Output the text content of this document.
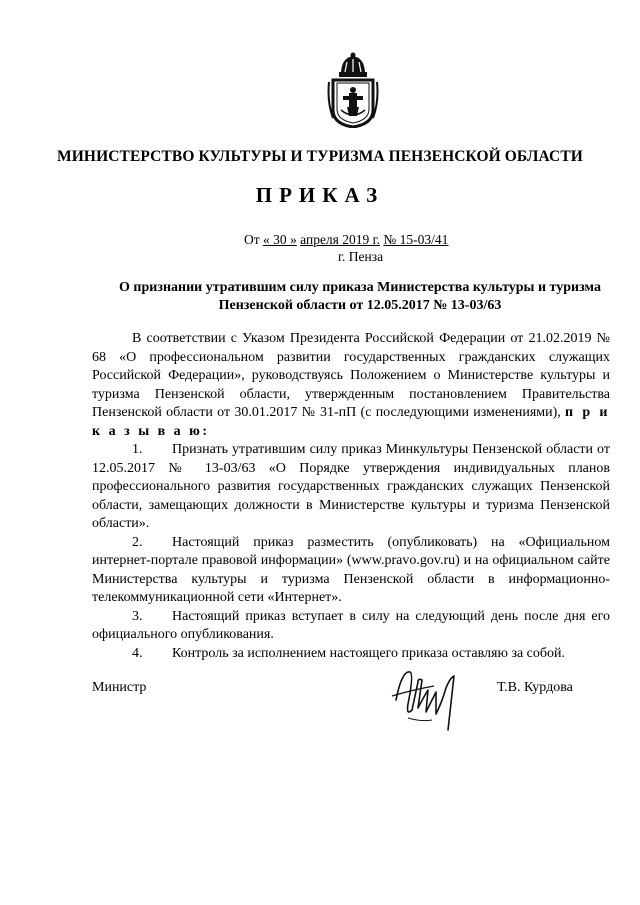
МИНИСТЕРСТВО КУЛЬТУРЫ И ТУРИЗМА ПЕНЗЕНСКОЙ ОБЛАСТИ
ПРИКАЗ
От « 30 » апреля 2019 г. № 15-03/41
г. Пенза
О признании утратившим силу приказа Министерства культуры и туризма Пензенской области от 12.05.2017 № 13-03/63

В соответствии с Указом Президента Российской Федерации от 21.02.2019 № 68 «О профессиональном развитии государственных гражданских служащих Российской Федерации», руководствуясь Положением о Министерстве культуры и туризма Пензенской области, утвержденным постановлением Правительства Пензенской области от 30.01.2017 № 31-пП (с последующими изменениями), п р и к а з ы в а ю:

1. Признать утратившим силу приказ Минкультуры Пензенской области от 12.05.2017 № 13-03/63 «О Порядке утверждения индивидуальных планов профессионального развития государственных гражданских служащих Пензенской области, замещающих должности в Министерстве культуры и туризма Пензенской области».

2. Настоящий приказ разместить (опубликовать) на «Официальном интернет-портале правовой информации» (www.pravo.gov.ru) и на официальном сайте Министерства культуры и туризма Пензенской области в информационно-телекоммуникационной сети «Интернет».

3. Настоящий приказ вступает в силу на следующий день после дня его официального опубликования.

4. Контроль за исполнением настоящего приказа оставляю за собой.

Министр	Т.В. Курдова
